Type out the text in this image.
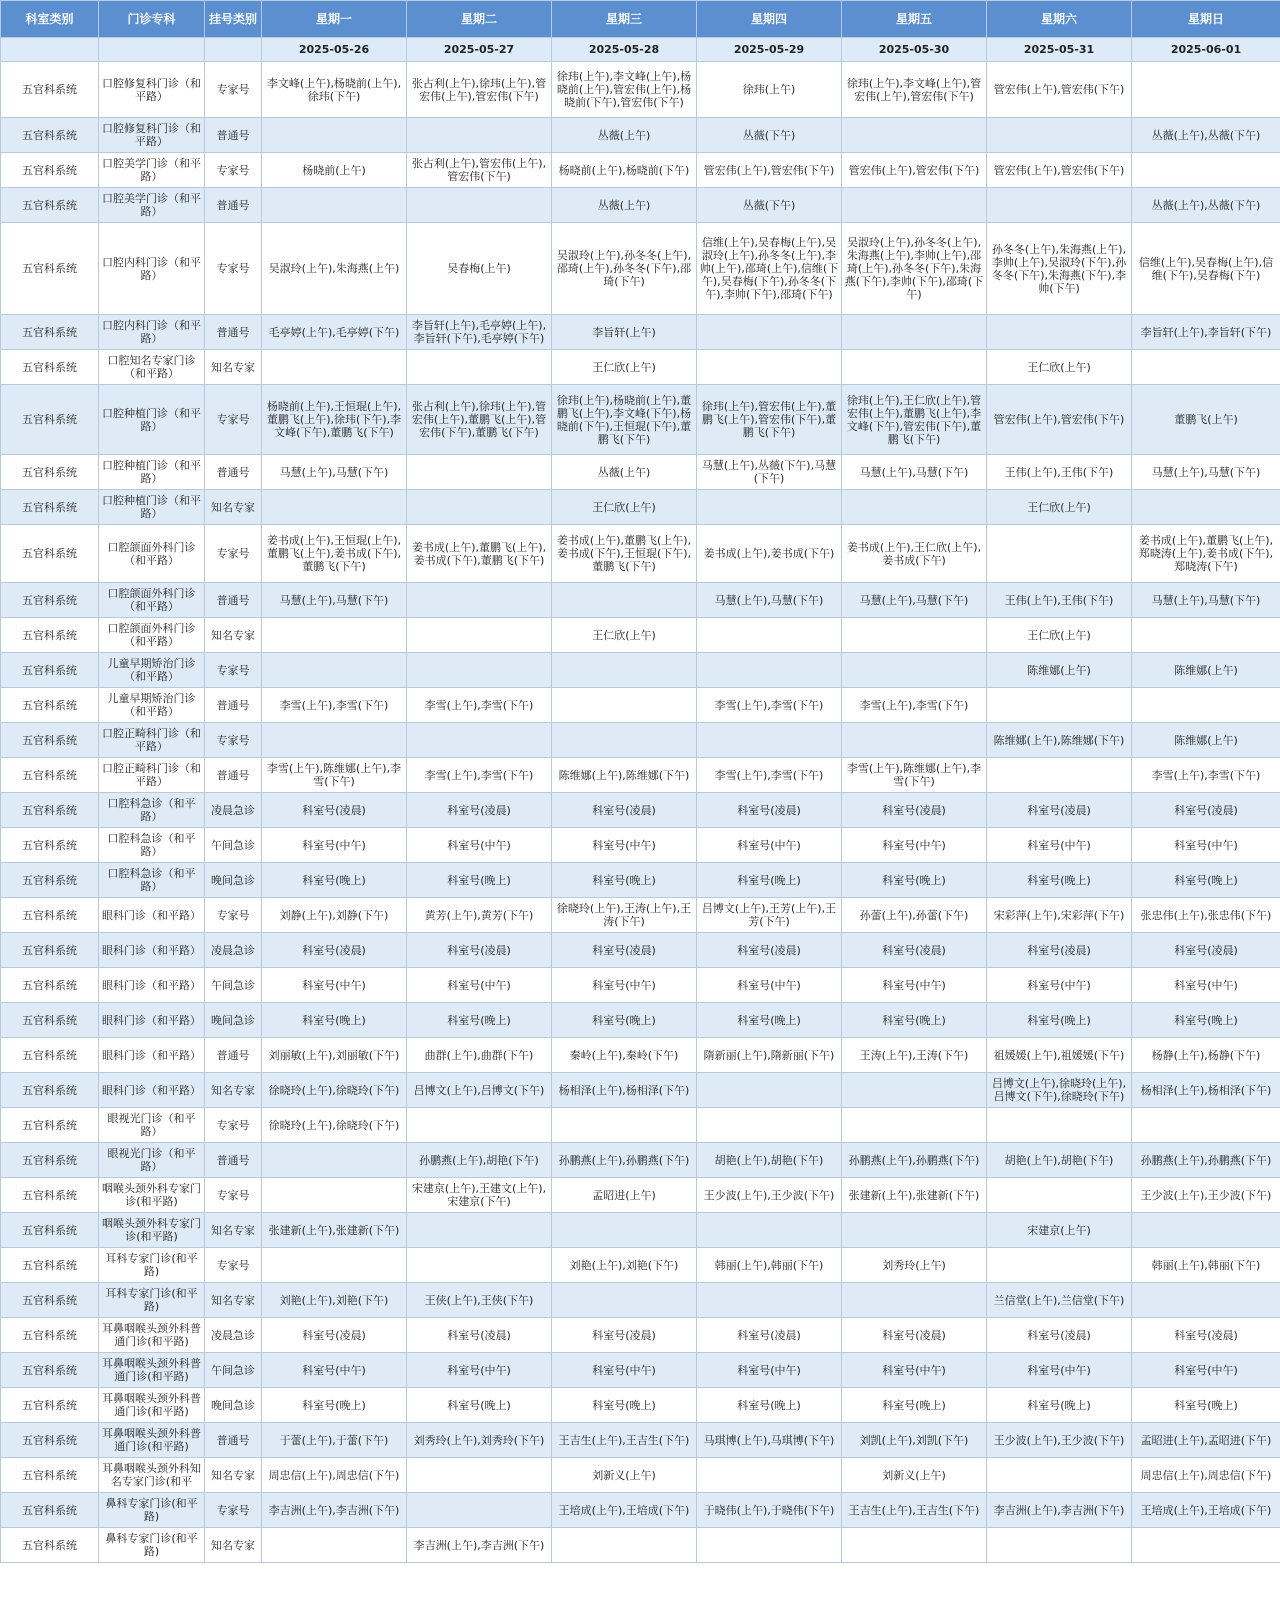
科室类别	门诊专科	挂号类别	星期一	星期二	星期三	星期四	星期五	星期六	星期日
			2025-05-26	2025-05-27	2025-05-28	2025-05-29	2025-05-30	2025-05-31	2025-06-01
五官科系统	口腔修复科门诊（和平路）	专家号	李文峰(上午),杨晓前(上午),徐玮(下午)	张占利(上午),徐玮(上午),管宏伟(上午),管宏伟(下午)	徐玮(上午),李文峰(上午),杨晓前(上午),管宏伟(上午),杨晓前(下午),管宏伟(下午)	徐玮(上午)	徐玮(上午),李文峰(上午),管宏伟(上午),管宏伟(下午)	管宏伟(上午),管宏伟(下午)	
五官科系统	口腔修复科门诊（和平路）	普通号			丛薇(上午)	丛薇(下午)			丛薇(上午),丛薇(下午)
五官科系统	口腔美学门诊（和平路）	专家号	杨晓前(上午)	张占利(上午),管宏伟(上午),管宏伟(下午)	杨晓前(上午),杨晓前(下午)	管宏伟(上午),管宏伟(下午)	管宏伟(上午),管宏伟(下午)	管宏伟(上午),管宏伟(下午)	
五官科系统	口腔美学门诊（和平路）	普通号			丛薇(上午)	丛薇(下午)			丛薇(上午),丛薇(下午)
五官科系统	口腔内科门诊（和平路）	专家号	吴淑玲(上午),朱海燕(上午)	吴春梅(上午)	吴淑玲(上午),孙冬冬(上午),邵琦(上午),孙冬冬(下午),邵琦(下午)	信维(上午),吴春梅(上午),吴淑玲(上午),孙冬冬(上午),李帅(上午),邵琦(上午),信维(下午),吴春梅(下午),孙冬冬(下午),李帅(下午),邵琦(下午)	吴淑玲(上午),孙冬冬(上午),朱海燕(上午),李帅(上午),邵琦(上午),孙冬冬(下午),朱海燕(下午),李帅(下午),邵琦(下午)	孙冬冬(上午),朱海燕(上午),李帅(上午),吴淑玲(下午),孙冬冬(下午),朱海燕(下午),李帅(下午)	信维(上午),吴春梅(上午),信维(下午),吴春梅(下午)
五官科系统	口腔内科门诊（和平路）	普通号	毛亭婷(上午),毛亭婷(下午)	李旨轩(上午),毛亭婷(上午),李旨轩(下午),毛亭婷(下午)	李旨轩(上午)				李旨轩(上午),李旨轩(下午)
五官科系统	口腔知名专家门诊（和平路）	知名专家			王仁欣(上午)			王仁欣(上午)	
五官科系统	口腔种植门诊（和平路）	专家号	杨晓前(上午),王恒琨(上午),董鹏飞(上午),徐玮(下午),李文峰(下午),董鹏飞(下午)	张占利(上午),徐玮(上午),管宏伟(上午),董鹏飞(上午),管宏伟(下午),董鹏飞(下午)	徐玮(上午),杨晓前(上午),董鹏飞(上午),李文峰(下午),杨晓前(下午),王恒琨(下午),董鹏飞(下午)	徐玮(上午),管宏伟(上午),董鹏飞(上午),管宏伟(下午),董鹏飞(下午)	徐玮(上午),王仁欣(上午),管宏伟(上午),董鹏飞(上午),李文峰(下午),管宏伟(下午),董鹏飞(下午)	管宏伟(上午),管宏伟(下午)	董鹏飞(上午)
五官科系统	口腔种植门诊（和平路）	普通号	马慧(上午),马慧(下午)		丛薇(上午)	马慧(上午),丛薇(下午),马慧(下午)	马慧(上午),马慧(下午)	王伟(上午),王伟(下午)	马慧(上午),马慧(下午)
五官科系统	口腔种植门诊（和平路）	知名专家			王仁欣(上午)			王仁欣(上午)	
五官科系统	口腔颌面外科门诊（和平路）	专家号	姜书成(上午),王恒琨(上午),董鹏飞(上午),姜书成(下午),董鹏飞(下午)	姜书成(上午),董鹏飞(上午),姜书成(下午),董鹏飞(下午)	姜书成(上午),董鹏飞(上午),姜书成(下午),王恒琨(下午),董鹏飞(下午)	姜书成(上午),姜书成(下午)	姜书成(上午),王仁欣(上午),姜书成(下午)		姜书成(上午),董鹏飞(上午),郑晓涛(上午),姜书成(下午),郑晓涛(下午)
五官科系统	口腔颌面外科门诊（和平路）	普通号	马慧(上午),马慧(下午)			马慧(上午),马慧(下午)	马慧(上午),马慧(下午)	王伟(上午),王伟(下午)	马慧(上午),马慧(下午)
五官科系统	口腔颌面外科门诊（和平路）	知名专家			王仁欣(上午)			王仁欣(上午)	
五官科系统	儿童早期矫治门诊（和平路）	专家号						陈维娜(上午)	陈维娜(上午)
五官科系统	儿童早期矫治门诊（和平路）	普通号	李雪(上午),李雪(下午)	李雪(上午),李雪(下午)		李雪(上午),李雪(下午)	李雪(上午),李雪(下午)		
五官科系统	口腔正畸科门诊（和平路）	专家号						陈维娜(上午),陈维娜(下午)	陈维娜(上午)
五官科系统	口腔正畸科门诊（和平路）	普通号	李雪(上午),陈维娜(上午),李雪(下午)	李雪(上午),李雪(下午)	陈维娜(上午),陈维娜(下午)	李雪(上午),李雪(下午)	李雪(上午),陈维娜(上午),李雪(下午)		李雪(上午),李雪(下午)
五官科系统	口腔科急诊（和平路）	凌晨急诊	科室号(凌晨)	科室号(凌晨)	科室号(凌晨)	科室号(凌晨)	科室号(凌晨)	科室号(凌晨)	科室号(凌晨)
五官科系统	口腔科急诊（和平路）	午间急诊	科室号(中午)	科室号(中午)	科室号(中午)	科室号(中午)	科室号(中午)	科室号(中午)	科室号(中午)
五官科系统	口腔科急诊（和平路）	晚间急诊	科室号(晚上)	科室号(晚上)	科室号(晚上)	科室号(晚上)	科室号(晚上)	科室号(晚上)	科室号(晚上)
五官科系统	眼科门诊（和平路）	专家号	刘静(上午),刘静(下午)	黄芳(上午),黄芳(下午)	徐晓玲(上午),王涛(上午),王涛(下午)	吕博文(上午),王芳(上午),王芳(下午)	孙蕾(上午),孙蕾(下午)	宋彩萍(上午),宋彩萍(下午)	张忠伟(上午),张忠伟(下午)
五官科系统	眼科门诊（和平路）	凌晨急诊	科室号(凌晨)	科室号(凌晨)	科室号(凌晨)	科室号(凌晨)	科室号(凌晨)	科室号(凌晨)	科室号(凌晨)
五官科系统	眼科门诊（和平路）	午间急诊	科室号(中午)	科室号(中午)	科室号(中午)	科室号(中午)	科室号(中午)	科室号(中午)	科室号(中午)
五官科系统	眼科门诊（和平路）	晚间急诊	科室号(晚上)	科室号(晚上)	科室号(晚上)	科室号(晚上)	科室号(晚上)	科室号(晚上)	科室号(晚上)
五官科系统	眼科门诊（和平路）	普通号	刘丽敏(上午),刘丽敏(下午)	曲群(上午),曲群(下午)	秦岭(上午),秦岭(下午)	隋新丽(上午),隋新丽(下午)	王涛(上午),王涛(下午)	祖媛媛(上午),祖媛媛(下午)	杨静(上午),杨静(下午)
五官科系统	眼科门诊（和平路）	知名专家	徐晓玲(上午),徐晓玲(下午)	吕博文(上午),吕博文(下午)	杨相泽(上午),杨相泽(下午)			吕博文(上午),徐晓玲(上午),吕博文(下午),徐晓玲(下午)	杨相泽(上午),杨相泽(下午)
五官科系统	眼视光门诊（和平路）	专家号	徐晓玲(上午),徐晓玲(下午)						
五官科系统	眼视光门诊（和平路）	普通号		孙鹏燕(上午),胡艳(下午)	孙鹏燕(上午),孙鹏燕(下午)	胡艳(上午),胡艳(下午)	孙鹏燕(上午),孙鹏燕(下午)	胡艳(上午),胡艳(下午)	孙鹏燕(上午),孙鹏燕(下午)
五官科系统	咽喉头颈外科专家门诊(和平路)	专家号		宋建京(上午),王建文(上午),宋建京(下午)	孟昭进(上午)	王少波(上午),王少波(下午)	张建新(上午),张建新(下午)		王少波(上午),王少波(下午)
五官科系统	咽喉头颈外科专家门诊(和平路)	知名专家	张建新(上午),张建新(下午)					宋建京(上午)	
五官科系统	耳科专家门诊(和平路)	专家号			刘艳(上午),刘艳(下午)	韩丽(上午),韩丽(下午)	刘秀玲(上午)		韩丽(上午),韩丽(下午)
五官科系统	耳科专家门诊(和平路)	知名专家	刘艳(上午),刘艳(下午)	王侠(上午),王侠(下午)				兰信堂(上午),兰信堂(下午)	
五官科系统	耳鼻咽喉头颈外科普通门诊(和平路)	凌晨急诊	科室号(凌晨)	科室号(凌晨)	科室号(凌晨)	科室号(凌晨)	科室号(凌晨)	科室号(凌晨)	科室号(凌晨)
五官科系统	耳鼻咽喉头颈外科普通门诊(和平路)	午间急诊	科室号(中午)	科室号(中午)	科室号(中午)	科室号(中午)	科室号(中午)	科室号(中午)	科室号(中午)
五官科系统	耳鼻咽喉头颈外科普通门诊(和平路)	晚间急诊	科室号(晚上)	科室号(晚上)	科室号(晚上)	科室号(晚上)	科室号(晚上)	科室号(晚上)	科室号(晚上)
五官科系统	耳鼻咽喉头颈外科普通门诊(和平路)	普通号	于蕾(上午),于蕾(下午)	刘秀玲(上午),刘秀玲(下午)	王吉生(上午),王吉生(下午)	马琪博(上午),马琪博(下午)	刘凯(上午),刘凯(下午)	王少波(上午),王少波(下午)	孟昭进(上午),孟昭进(下午)
五官科系统	耳鼻咽喉头颈外科知名专家门诊(和平	知名专家	周忠信(上午),周忠信(下午)		刘新义(上午)		刘新义(上午)		周忠信(上午),周忠信(下午)
五官科系统	鼻科专家门诊(和平路)	专家号	李吉洲(上午),李吉洲(下午)		王培成(上午),王培成(下午)	于晓伟(上午),于晓伟(下午)	王吉生(上午),王吉生(下午)	李吉洲(上午),李吉洲(下午)	王培成(上午),王培成(下午)
五官科系统	鼻科专家门诊(和平路)	知名专家		李吉洲(上午),李吉洲(下午)					
